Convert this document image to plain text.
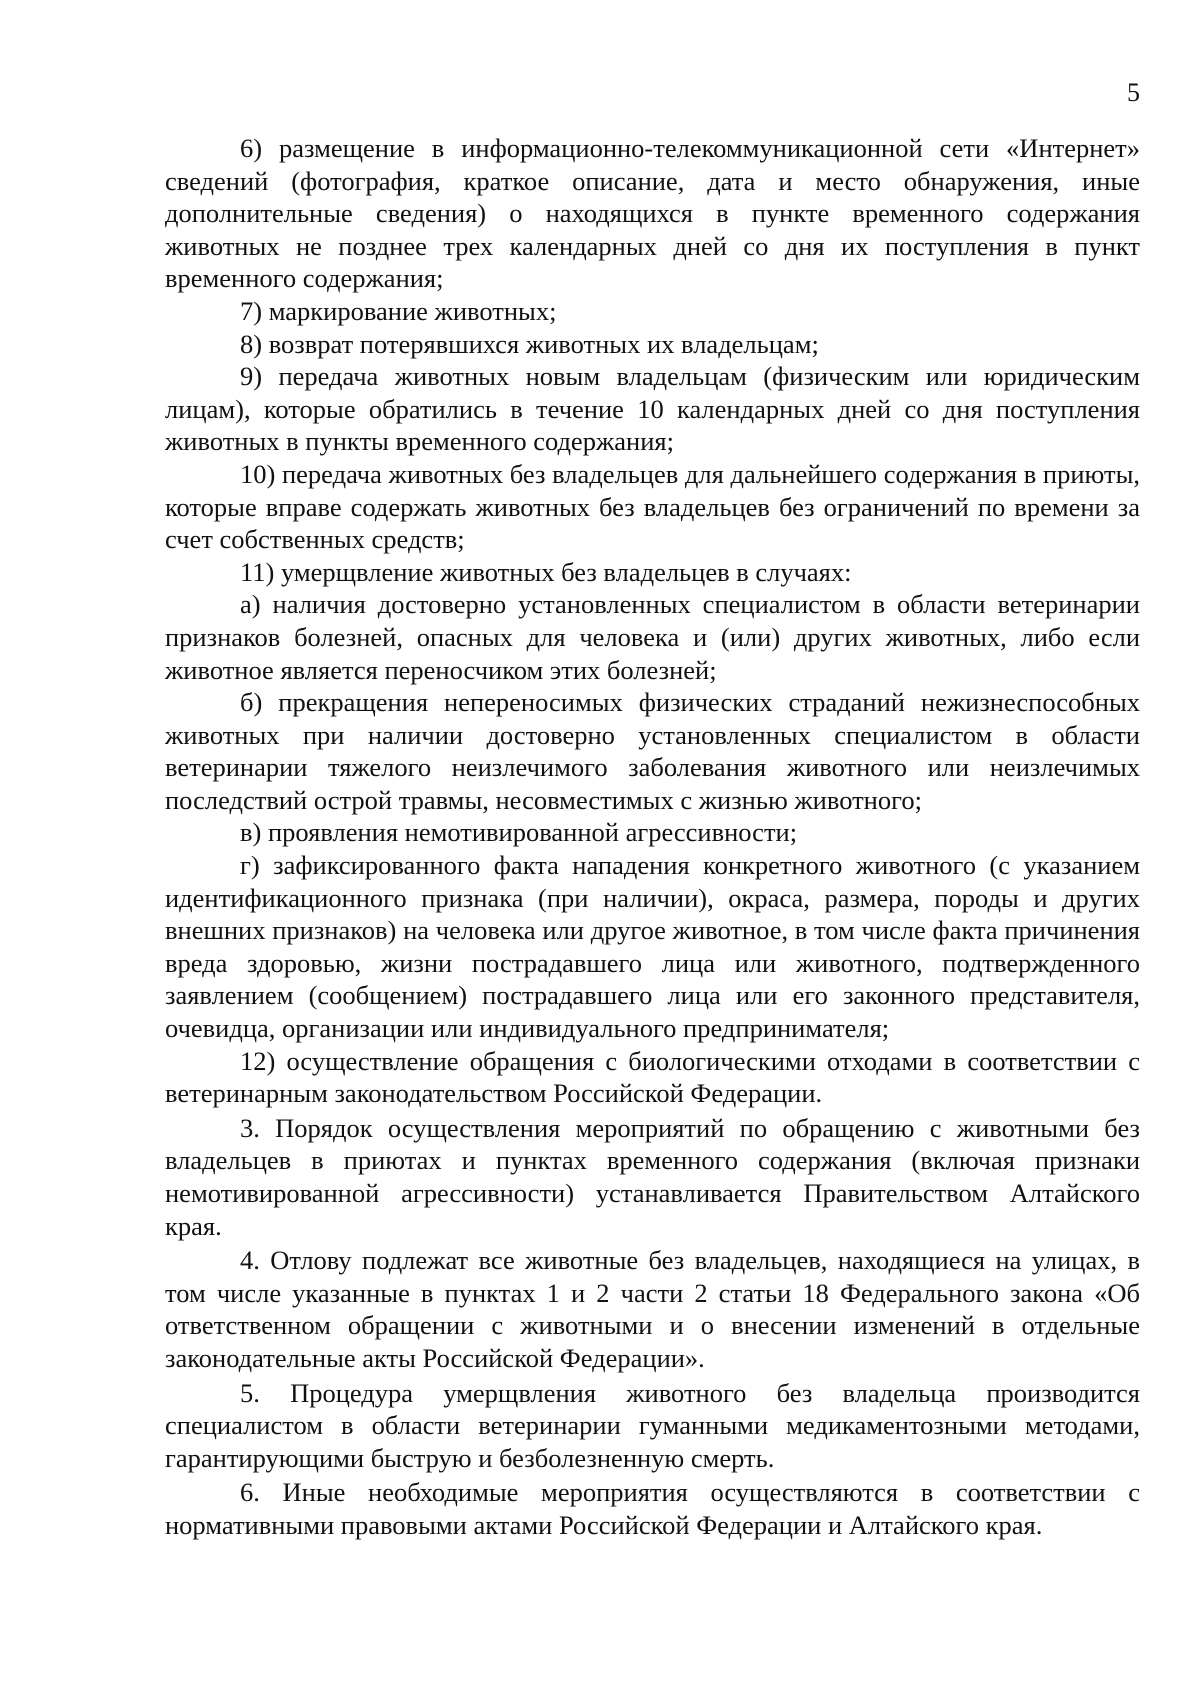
5

6) размещение в информационно-телекоммуникационной сети «Интернет» сведений (фотография, краткое описание, дата и место обнаружения, иные дополнительные сведения) о находящихся в пункте временного содержания животных не позднее трех календарных дней со дня их поступления в пункт временного содержания;

7) маркирование животных;

8) возврат потерявшихся животных их владельцам;

9) передача животных новым владельцам (физическим или юридическим лицам), которые обратились в течение 10 календарных дней со дня поступления животных в пункты временного содержания;

10) передача животных без владельцев для дальнейшего содержания в приюты, которые вправе содержать животных без владельцев без ограничений по времени за счет собственных средств;

11) умерщвление животных без владельцев в случаях:

а) наличия достоверно установленных специалистом в области ветеринарии признаков болезней, опасных для человека и (или) других животных, либо если животное является переносчиком этих болезней;

б) прекращения непереносимых физических страданий нежизнеспособных животных при наличии достоверно установленных специалистом в области ветеринарии тяжелого неизлечимого заболевания животного или неизлечимых последствий острой травмы, несовместимых с жизнью животного;

в) проявления немотивированной агрессивности;

г) зафиксированного факта нападения конкретного животного (с указанием идентификационного признака (при наличии), окраса, размера, породы и других внешних признаков) на человека или другое животное, в том числе факта причинения вреда здоровью, жизни пострадавшего лица или животного, подтвержденного заявлением (сообщением) пострадавшего лица или его законного представителя, очевидца, организации или индивидуального предпринимателя;

12) осуществление обращения с биологическими отходами в соответствии с ветеринарным законодательством Российской Федерации.

3. Порядок осуществления мероприятий по обращению с животными без владельцев в приютах и пунктах временного содержания (включая признаки немотивированной агрессивности) устанавливается Правительством Алтайского края.

4. Отлову подлежат все животные без владельцев, находящиеся на улицах, в том числе указанные в пунктах 1 и 2 части 2 статьи 18 Федерального закона «Об ответственном обращении с животными и о внесении изменений в отдельные законодательные акты Российской Федерации».

5. Процедура умерщвления животного без владельца производится специалистом в области ветеринарии гуманными медикаментозными методами, гарантирующими быструю и безболезненную смерть.

6. Иные необходимые мероприятия осуществляются в соответствии с нормативными правовыми актами Российской Федерации и Алтайского края.
